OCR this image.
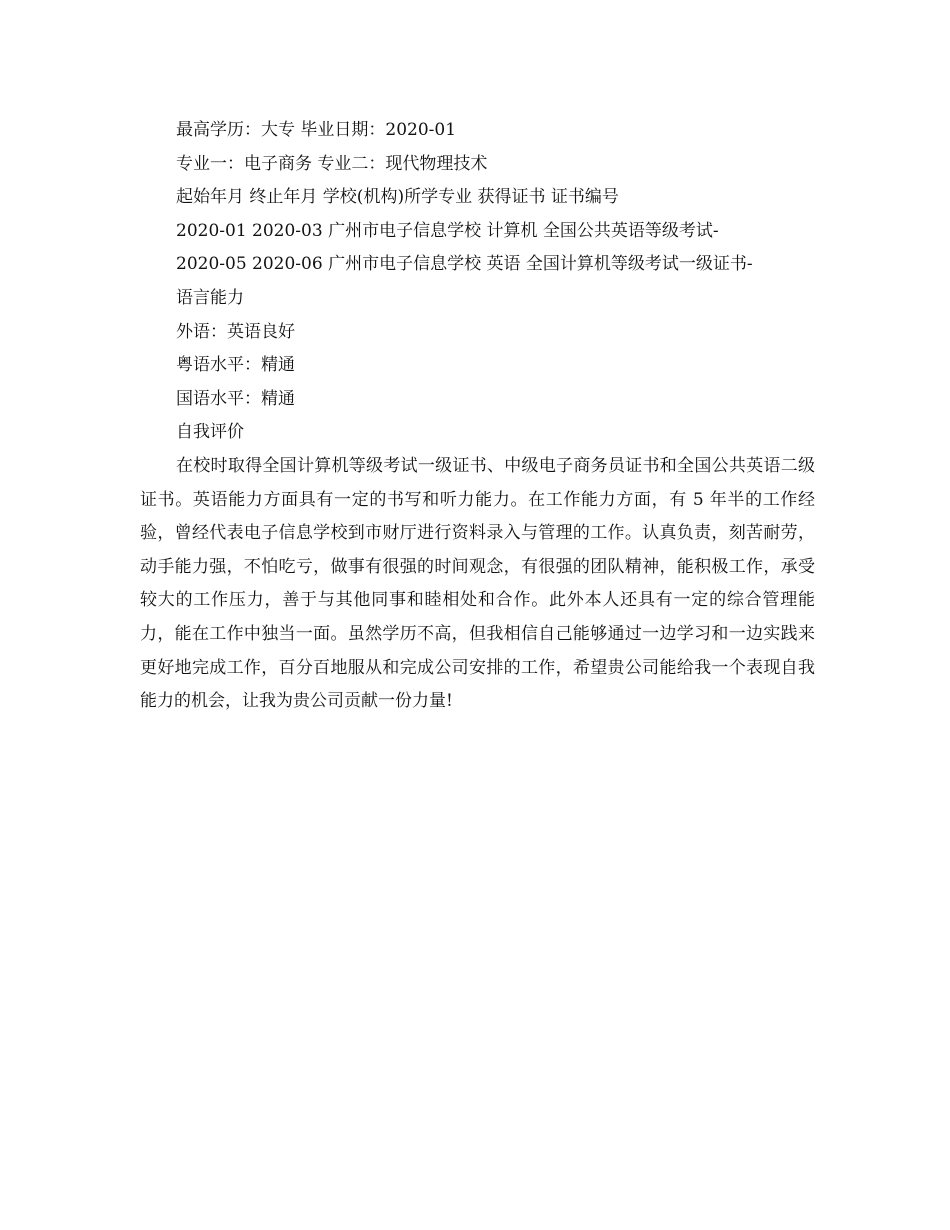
最高学历：大专 毕业日期：2020-01

专业一：电子商务 专业二：现代物理技术

起始年月 终止年月 学校(机构)所学专业 获得证书 证书编号

2020-01 2020-03 广州市电子信息学校 计算机 全国公共英语等级考试-

2020-05 2020-06 广州市电子信息学校 英语 全国计算机等级考试一级证书-

语言能力

外语：英语良好

粤语水平：精通

国语水平：精通

自我评价

在校时取得全国计算机等级考试一级证书、中级电子商务员证书和全国公共英语二级证书。英语能力方面具有一定的书写和听力能力。在工作能力方面，有 5 年半的工作经验，曾经代表电子信息学校到市财厅进行资料录入与管理的工作。认真负责，刻苦耐劳，动手能力强，不怕吃亏，做事有很强的时间观念，有很强的团队精神，能积极工作，承受较大的工作压力，善于与其他同事和睦相处和合作。此外本人还具有一定的综合管理能力，能在工作中独当一面。虽然学历不高，但我相信自己能够通过一边学习和一边实践来更好地完成工作，百分百地服从和完成公司安排的工作，希望贵公司能给我一个表现自我能力的机会，让我为贵公司贡献一份力量!
